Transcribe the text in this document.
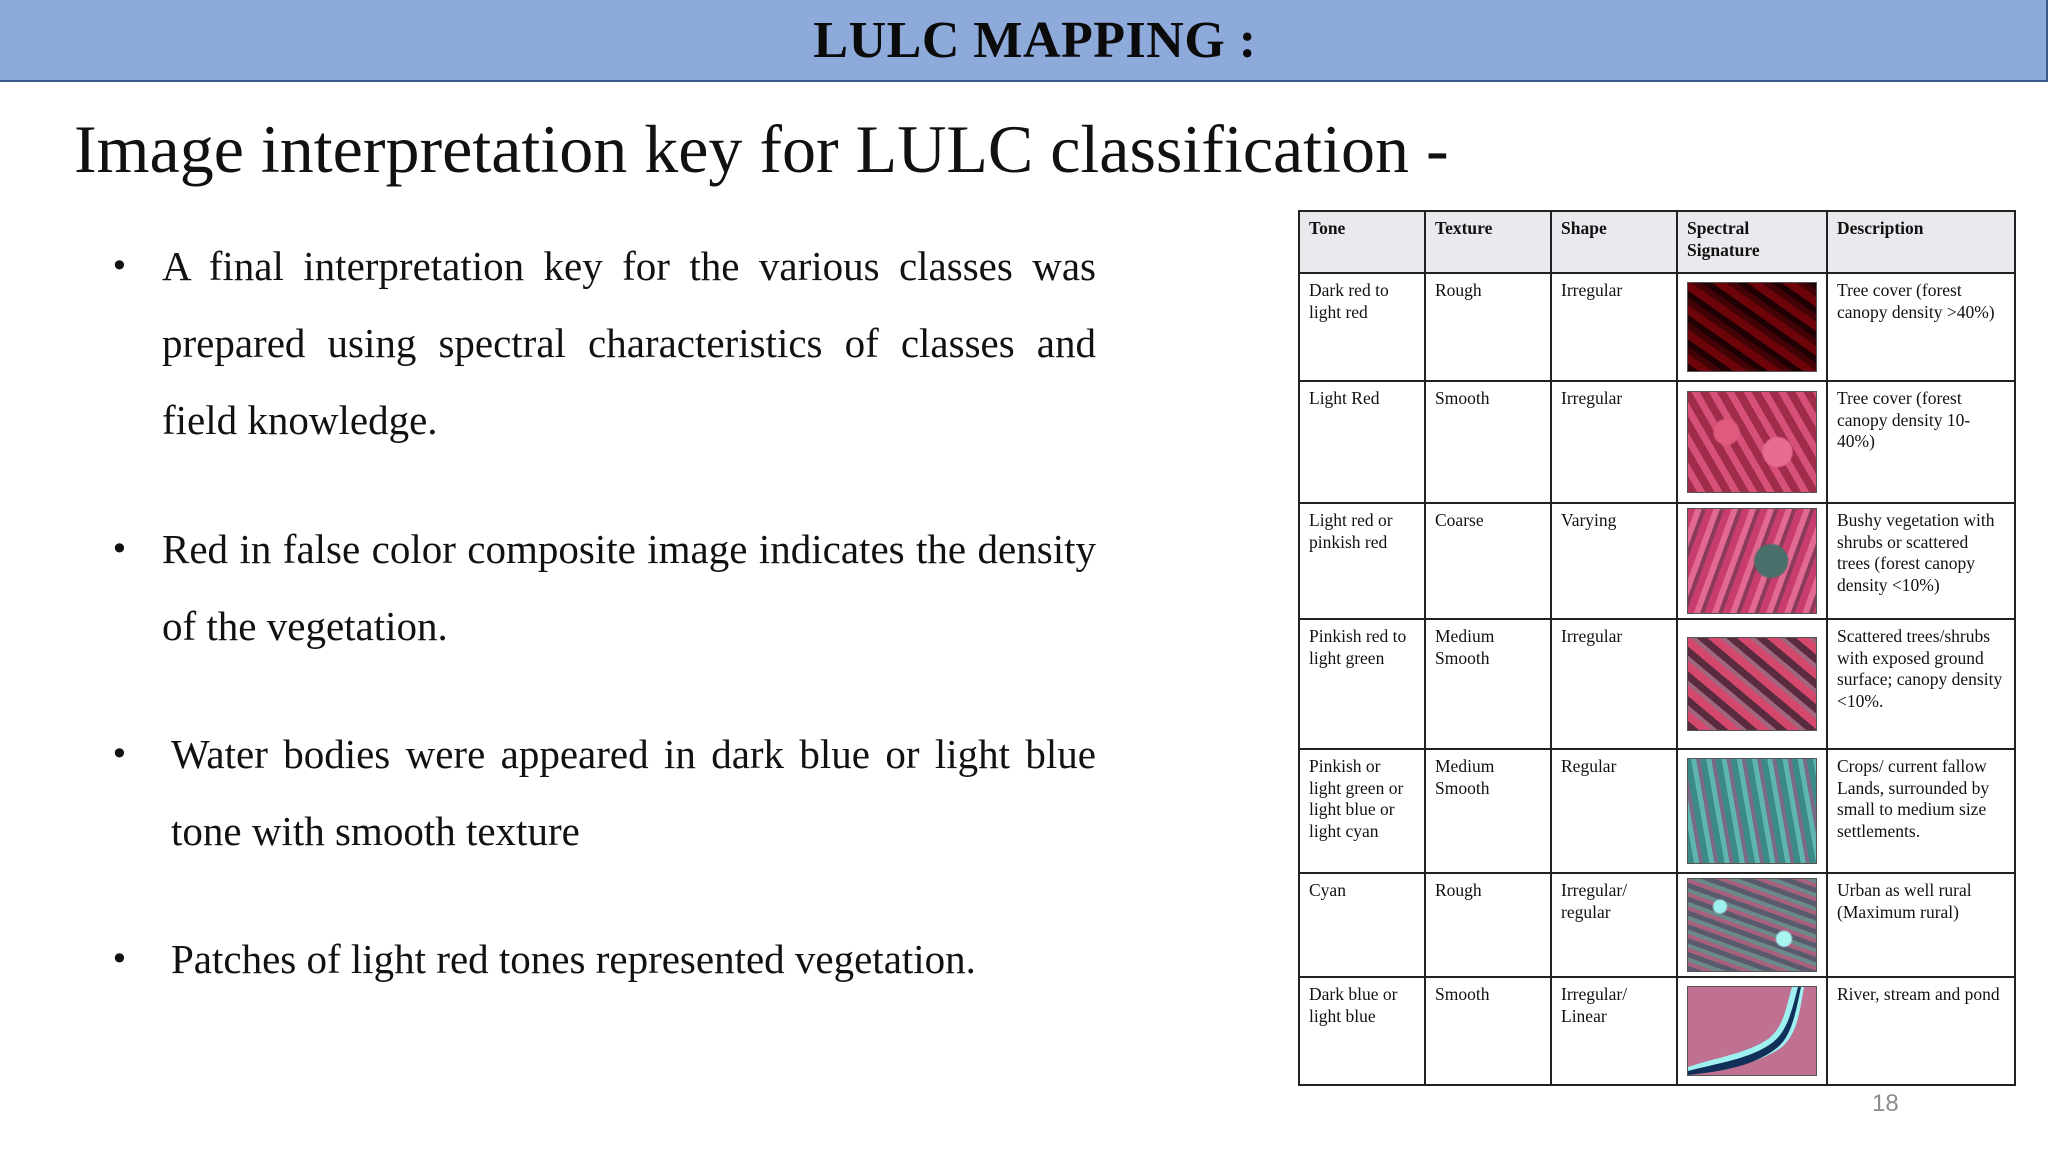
LULC MAPPING :
Image interpretation key for LULC classification -
• A final interpretation key for the various classes was prepared using spectral characteristics of classes and field knowledge.
• Red in false color composite image indicates the density of the vegetation.
• Water bodies were appeared in dark blue or light blue tone with smooth texture
• Patches of light red tones represented vegetation.
Tone	Texture	Shape	Spectral Signature	Description
Dark red to light red	Rough	Irregular		Tree cover (forest canopy density >40%)
Light Red	Smooth	Irregular		Tree cover (forest canopy density 10-40%)
Light red or pinkish red	Coarse	Varying		Bushy vegetation with shrubs or scattered trees (forest canopy density <10%)
Pinkish red to light green	Medium Smooth	Irregular		Scattered trees/shrubs with exposed ground surface; canopy density <10%.
Pinkish or light green or light blue or light cyan	Medium Smooth	Regular		Crops/ current fallow Lands, surrounded by small to medium size settlements.
Cyan	Rough	Irregular/ regular		Urban as well rural (Maximum rural)
Dark blue or light blue	Smooth	Irregular/ Linear		River, stream and pond
18
